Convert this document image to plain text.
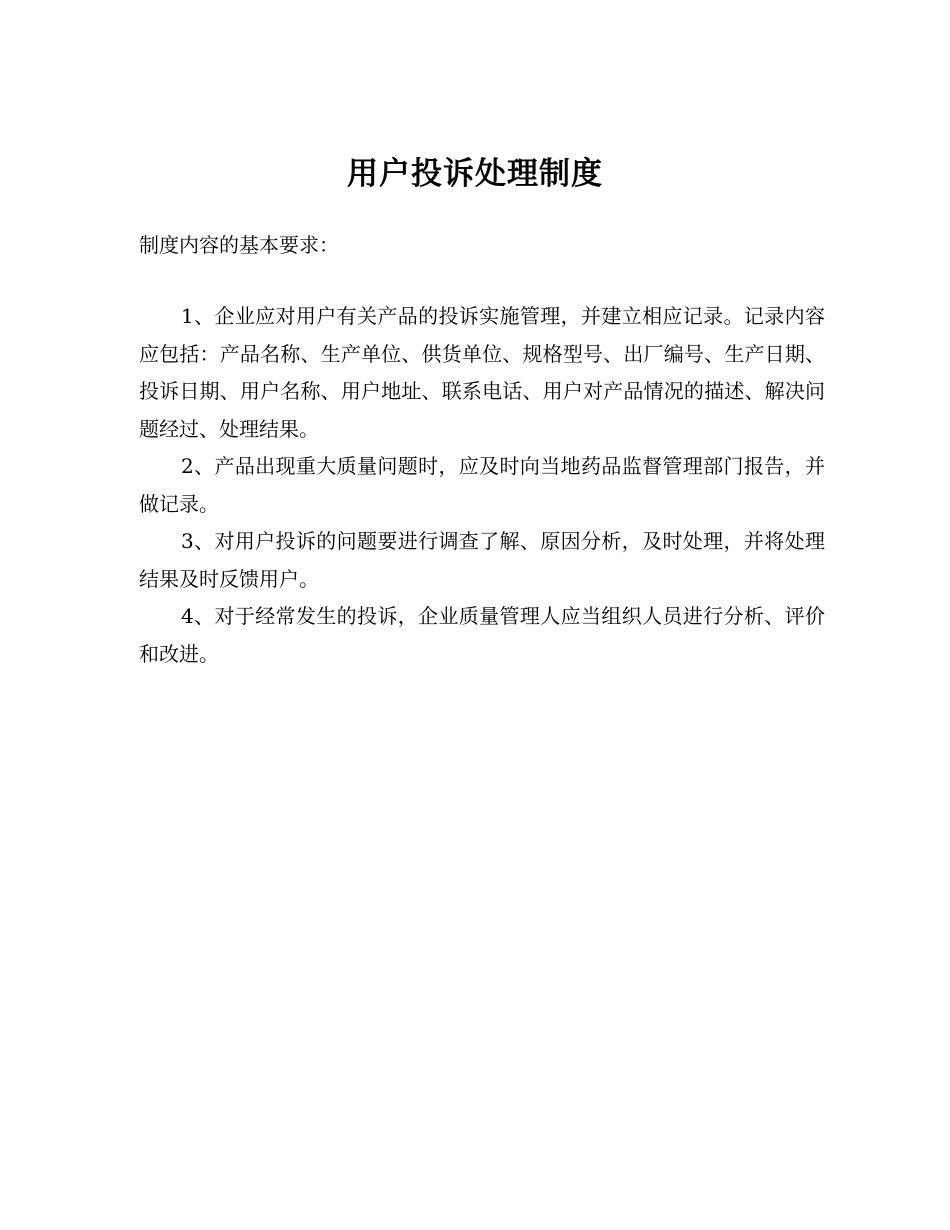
用户投诉处理制度
制度内容的基本要求：

1、企业应对用户有关产品的投诉实施管理，并建立相应记录。记录内容应包括：产品名称、生产单位、供货单位、规格型号、出厂编号、生产日期、投诉日期、用户名称、用户地址、联系电话、用户对产品情况的描述、解决问题经过、处理结果。

2、产品出现重大质量问题时，应及时向当地药品监督管理部门报告，并做记录。

3、对用户投诉的问题要进行调查了解、原因分析，及时处理，并将处理结果及时反馈用户。

4、对于经常发生的投诉，企业质量管理人应当组织人员进行分析、评价和改进。
